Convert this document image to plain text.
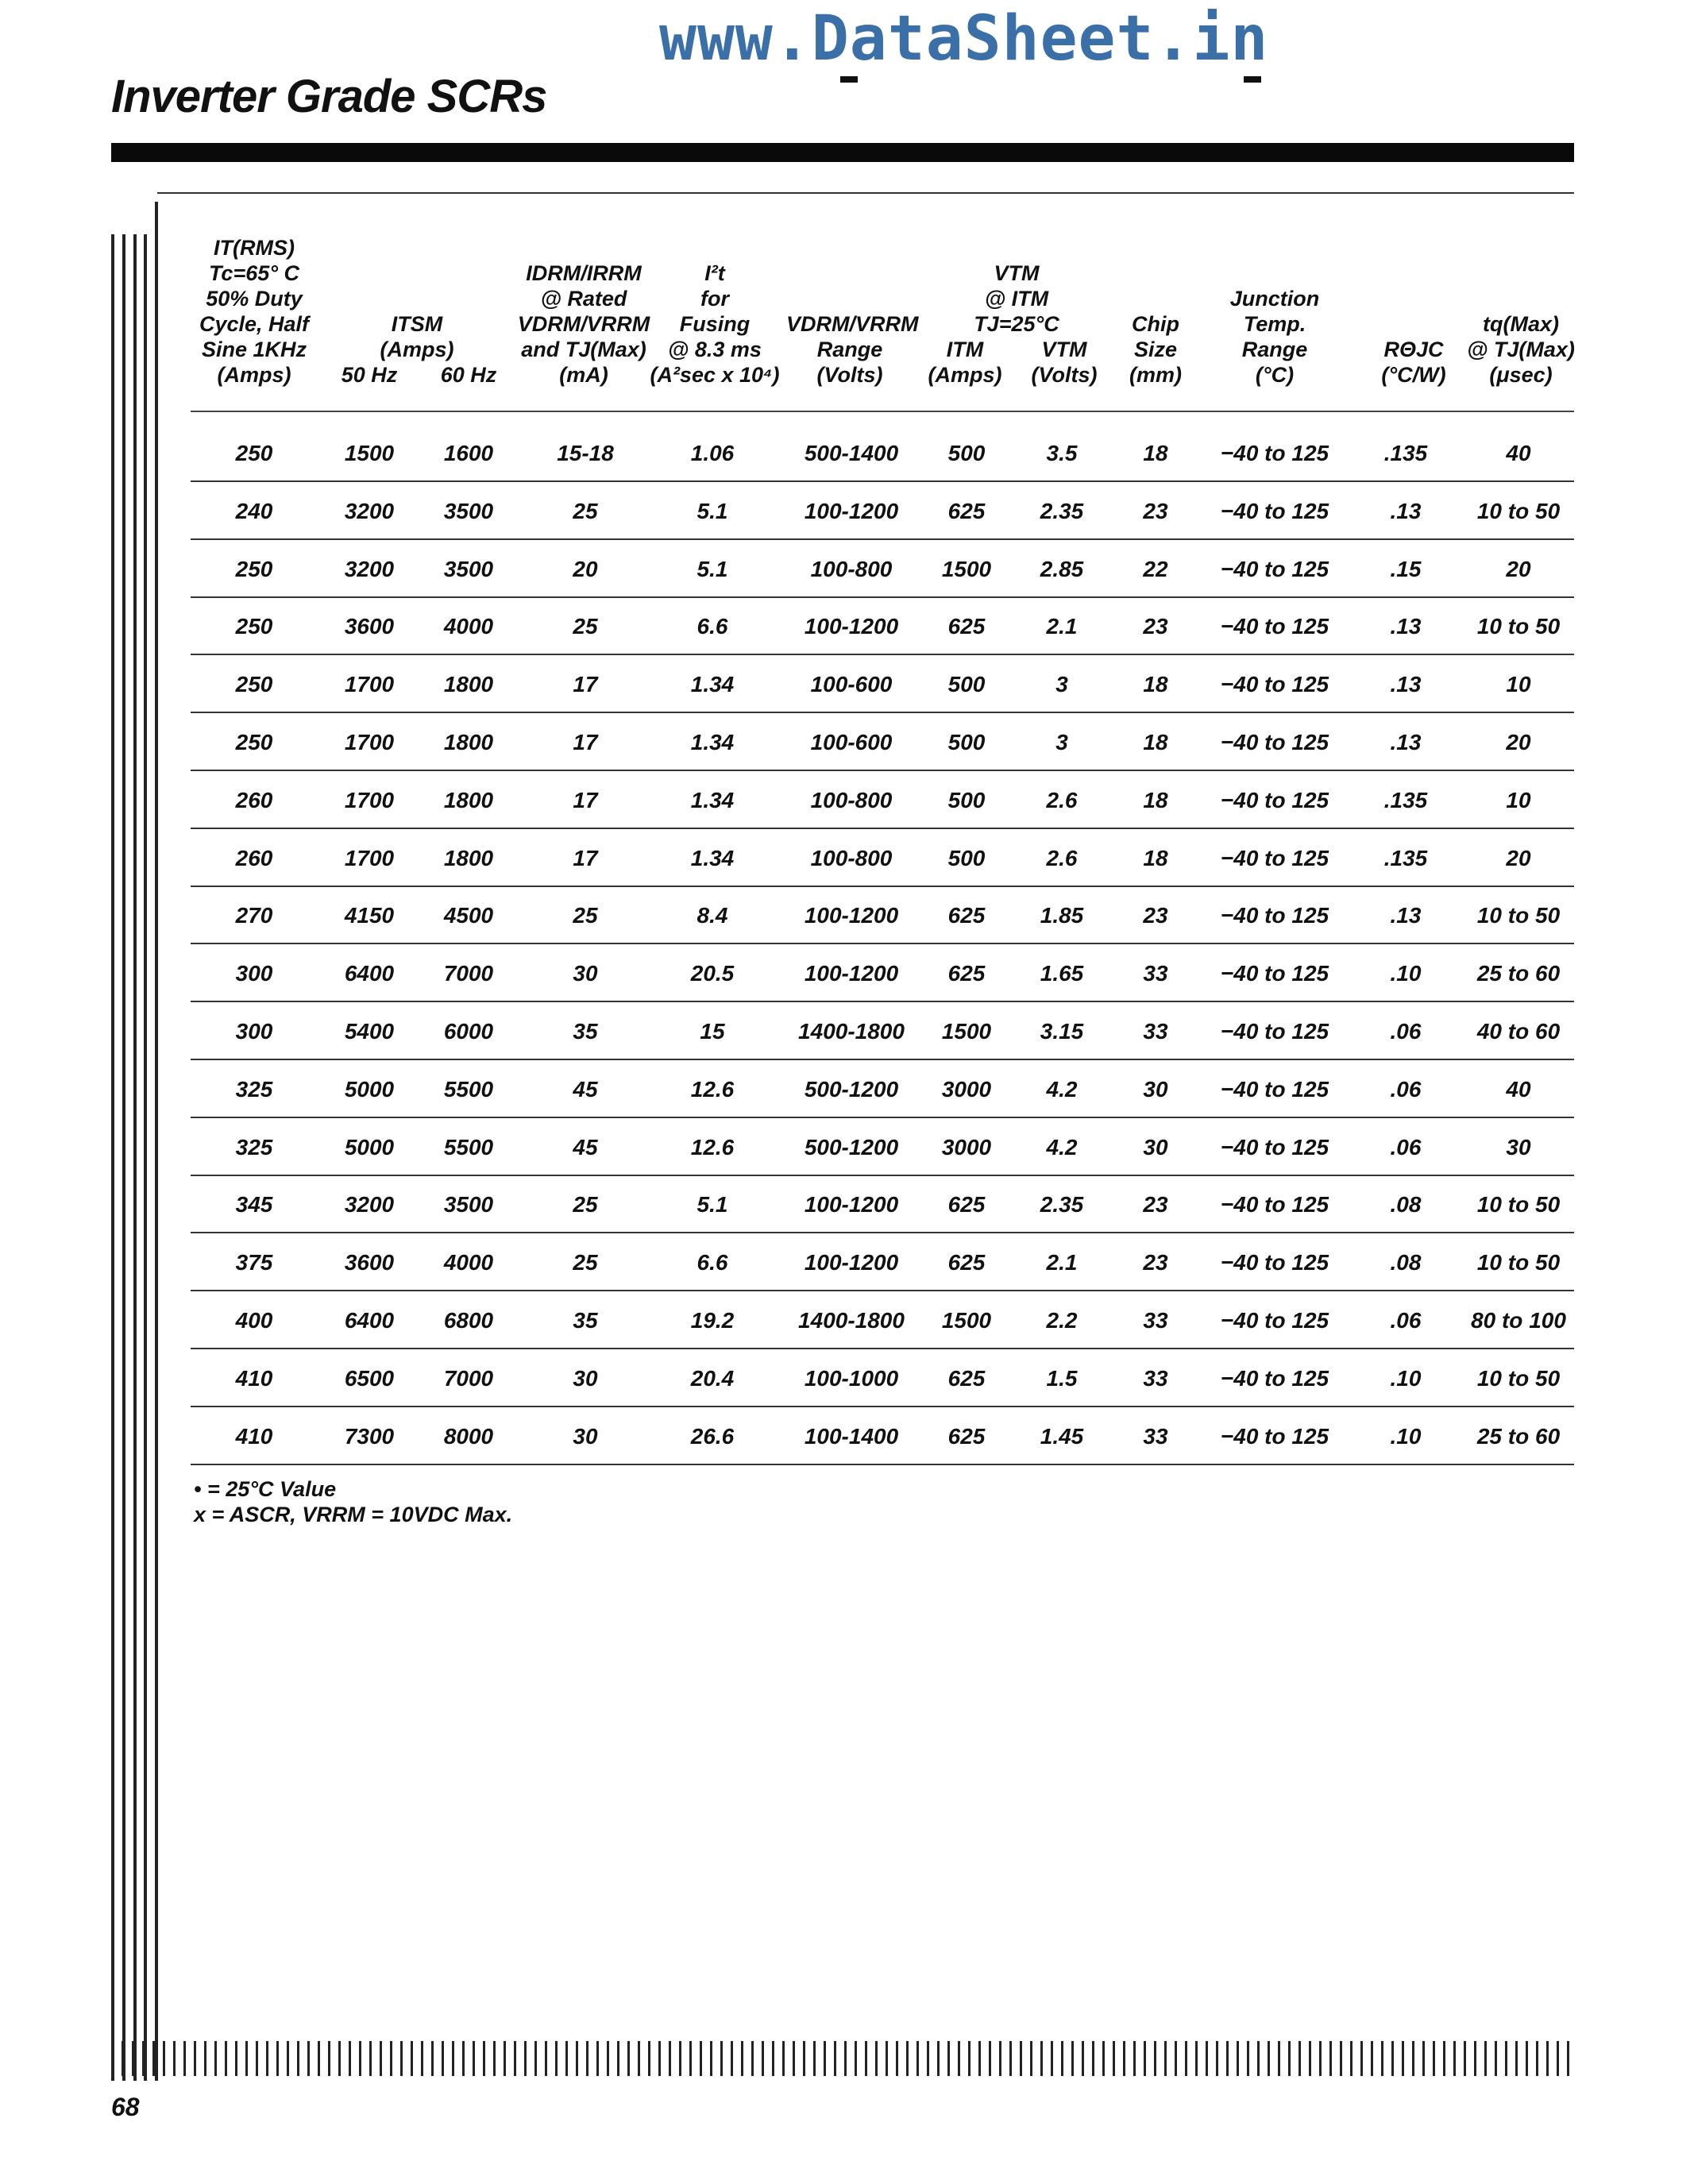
www.DataSheet.in
Inverter Grade SCRs
IT(RMS)
Tc=65° C
50% Duty
Cycle, Half
Sine 1KHz
(Amps)
ITSM
(Amps)
50 Hz	60 Hz
IDRM/IRRM
@ Rated
VDRM/VRRM
and TJ(Max)
(mA)
I²t
for
Fusing
@ 8.3 ms
(A²sec x 10⁴)
VDRM/VRRM
Range
(Volts)
VTM
@ ITM
TJ=25°C
ITM
(Amps)
VTM
(Volts)
Chip
Size
(mm)
Junction
Temp.
Range
(°C)
RΘJC
(°C/W)
tq(Max)
@ TJ(Max)
(μsec)
250	1500	1600	15-18	1.06	500-1400	500	3.5	18	−40 to 125	.135	40
240	3200	3500	25	5.1	100-1200	625	2.35	23	−40 to 125	.13	10 to 50
250	3200	3500	20	5.1	100-800	1500	2.85	22	−40 to 125	.15	20
250	3600	4000	25	6.6	100-1200	625	2.1	23	−40 to 125	.13	10 to 50
250	1700	1800	17	1.34	100-600	500	3	18	−40 to 125	.13	10
250	1700	1800	17	1.34	100-600	500	3	18	−40 to 125	.13	20
260	1700	1800	17	1.34	100-800	500	2.6	18	−40 to 125	.135	10
260	1700	1800	17	1.34	100-800	500	2.6	18	−40 to 125	.135	20
270	4150	4500	25	8.4	100-1200	625	1.85	23	−40 to 125	.13	10 to 50
300	6400	7000	30	20.5	100-1200	625	1.65	33	−40 to 125	.10	25 to 60
300	5400	6000	35	15	1400-1800	1500	3.15	33	−40 to 125	.06	40 to 60
325	5000	5500	45	12.6	500-1200	3000	4.2	30	−40 to 125	.06	40
325	5000	5500	45	12.6	500-1200	3000	4.2	30	−40 to 125	.06	30
345	3200	3500	25	5.1	100-1200	625	2.35	23	−40 to 125	.08	10 to 50
375	3600	4000	25	6.6	100-1200	625	2.1	23	−40 to 125	.08	10 to 50
400	6400	6800	35	19.2	1400-1800	1500	2.2	33	−40 to 125	.06	80 to 100
410	6500	7000	30	20.4	100-1000	625	1.5	33	−40 to 125	.10	10 to 50
410	7300	8000	30	26.6	100-1400	625	1.45	33	−40 to 125	.10	25 to 60
• = 25°C Value
x = ASCR, VRRM = 10VDC Max.
68
